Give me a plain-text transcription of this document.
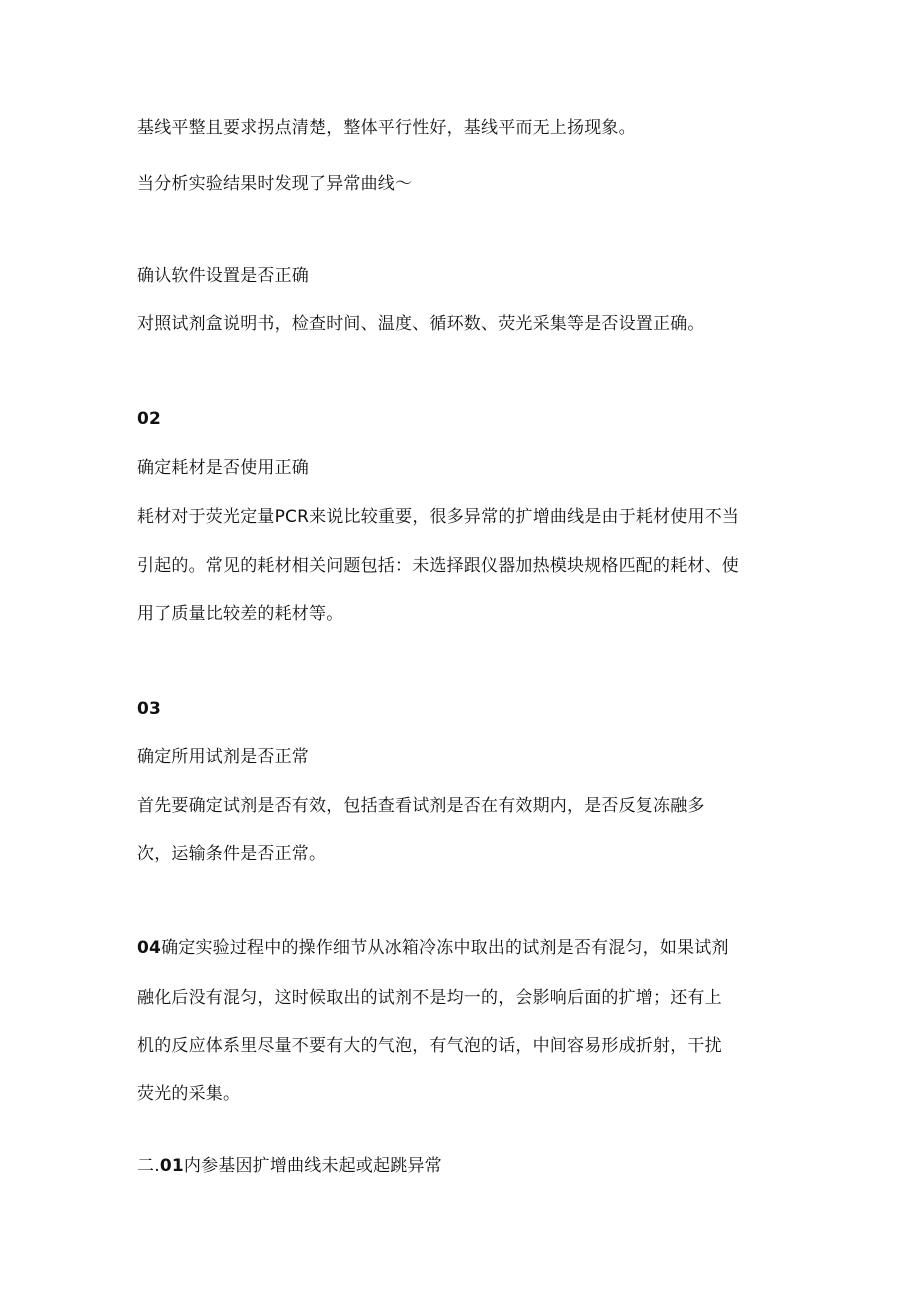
基线平整且要求拐点清楚，整体平行性好，基线平而无上扬现象。
当分析实验结果时发现了异常曲线～
确认软件设置是否正确
对照试剂盒说明书，检查时间、温度、循环数、荧光采集等是否设置正确。
02
确定耗材是否使用正确
耗材对于荧光定量PCR来说比较重要，很多异常的扩增曲线是由于耗材使用不当
引起的。常见的耗材相关问题包括：未选择跟仪器加热模块规格匹配的耗材、使
用了质量比较差的耗材等。
03
确定所用试剂是否正常
首先要确定试剂是否有效，包括查看试剂是否在有效期内，是否反复冻融多
次，运输条件是否正常。
04确定实验过程中的操作细节从冰箱冷冻中取出的试剂是否有混匀，如果试剂
融化后没有混匀，这时候取出的试剂不是均一的，会影响后面的扩增；还有上
机的反应体系里尽量不要有大的气泡，有气泡的话，中间容易形成折射，干扰
荧光的采集。
二.01内参基因扩增曲线未起或起跳异常
